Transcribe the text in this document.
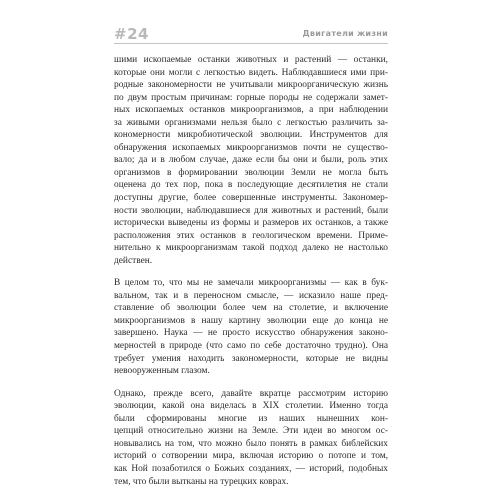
#24	Двигатели жизни
шими ископаемые останки животных и растений — останки,
которые они могли с легкостью видеть. Наблюдавшиеся ими при-
родные закономерности не учитывали микроорганическую жизнь
по двум простым причинам: горные породы не содержали замет-
ных ископаемых останков микроорганизмов, а при наблюдении
за живыми организмами нельзя было с легкостью различить за-
кономерности микробиотической эволюции. Инструментов для
обнаружения ископаемых микроорганизмов почти не существо-
вало; да и в любом случае, даже если бы они и были, роль этих
организмов в формировании эволюции Земли не могла быть
оценена до тех пор, пока в последующие десятилетия не стали
доступны другие, более совершенные инструменты. Закономер-
ности эволюции, наблюдавшиеся для животных и растений, были
исторически выведены из формы и размеров их останков, а также
расположения этих останков в геологическом времени. Приме-
нительно к микроорганизмам такой подход далеко не настолько
действен.
В целом то, что мы не замечали микроорганизмы — как в бук-
вальном, так и в переносном смысле, — исказило наше пред-
ставление об эволюции более чем на столетие, и включение
микроорганизмов в нашу картину эволюции еще до конца не
завершено. Наука — не просто искусство обнаружения законо-
мерностей в природе (что само по себе достаточно трудно). Она
требует умения находить закономерности, которые не видны
невооруженным глазом.
Однако, прежде всего, давайте вкратце рассмотрим историю
эволюции, какой она виделась в XIX столетии. Именно тогда
были сформированы многие из наших нынешних кон-
цепций относительно жизни на Земле. Эти идеи во многом ос-
новывались на том, что можно было понять в рамках библейских
историй о сотворении мира, включая историю о потопе и том,
как Ной позаботился о Божьих созданиях, — историй, подобных
тем, что были вытканы на турецких коврах.
